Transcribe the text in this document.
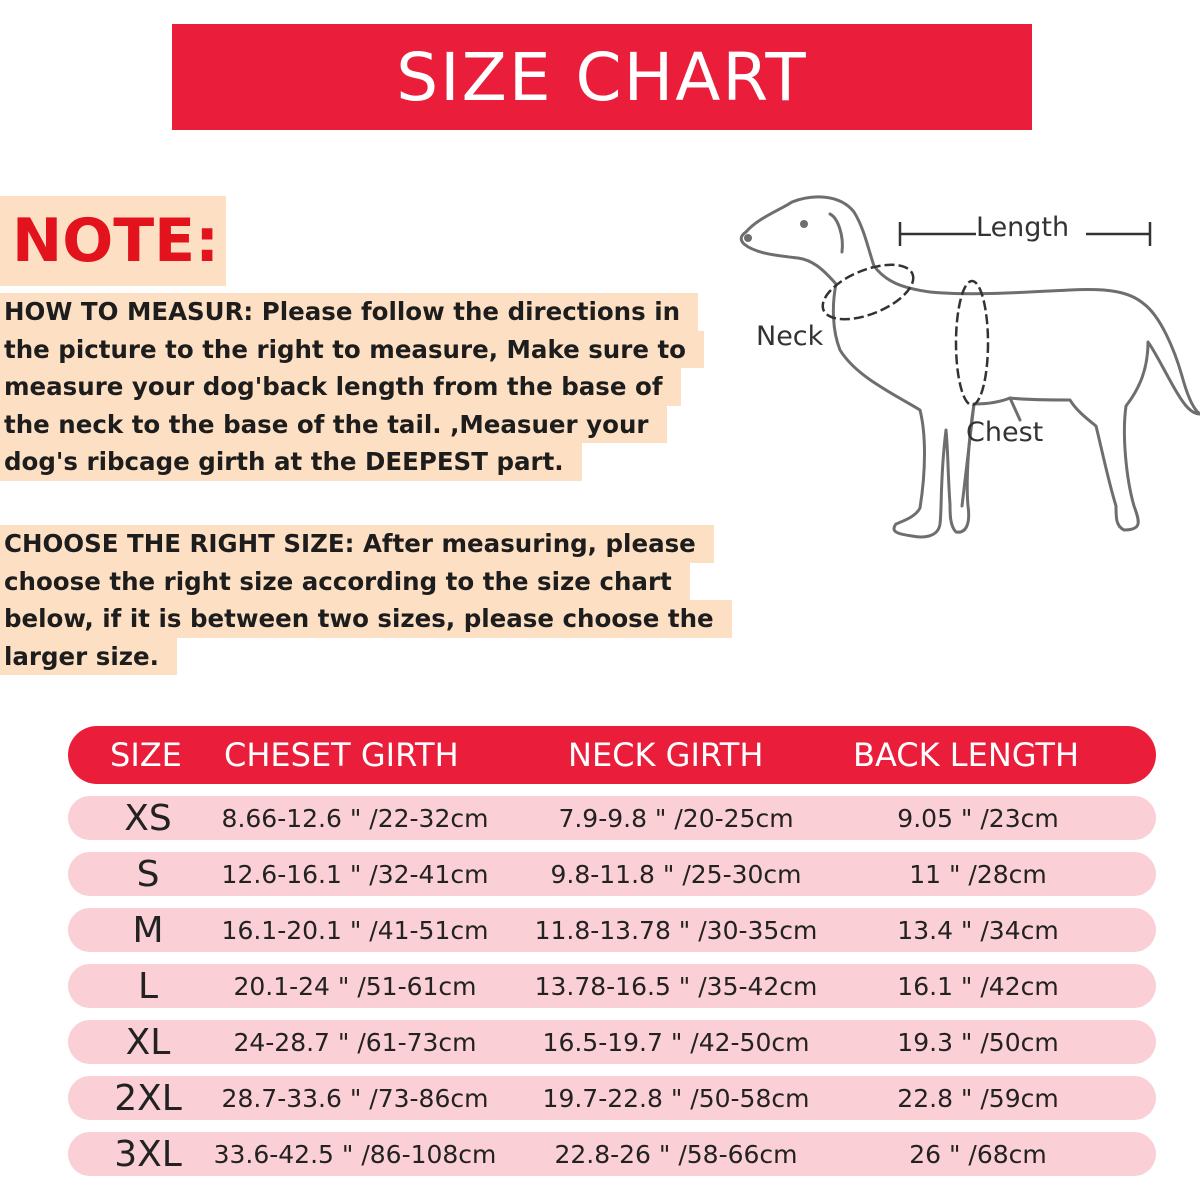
SIZE CHART
NOTE:
HOW TO MEASUR: Please follow the directions in
the picture to the right to measure, Make sure to
measure your dog'back length from the base of
the neck to the base of the tail. ,Measuer your
dog's ribcage girth at the DEEPEST part.
CHOOSE THE RIGHT SIZE: After measuring, please
choose the right size according to the size chart
below, if it is between two sizes, please choose the
larger size.
Length
Neck
Chest
SIZE CHESET GIRTH	NECK GIRTH	BACK LENGTH
XS 8.66-12.6 " /22-32cm	7.9-9.8 " /20-25cm	9.05 " /23cm
S 12.6-16.1 " /32-41cm 9.8-11.8 " /25-30cm	11 " /28cm
M 16.1-20.1 " /41-51cm 11.8-13.78 " /30-35cm	13.4 " /34cm
L	20.1-24 " /51-61cm 13.78-16.5 " /35-42cm	16.1 " /42cm
XL	24-28.7 " /61-73cm	16.5-19.7 " /42-50cm	19.3 " /50cm
2XL 28.7-33.6 " /73-86cm 19.7-22.8 " /50-58cm	22.8 " /59cm
3XL 33.6-42.5 " /86-108cm 22.8-26 " /58-66cm	26 " /68cm
